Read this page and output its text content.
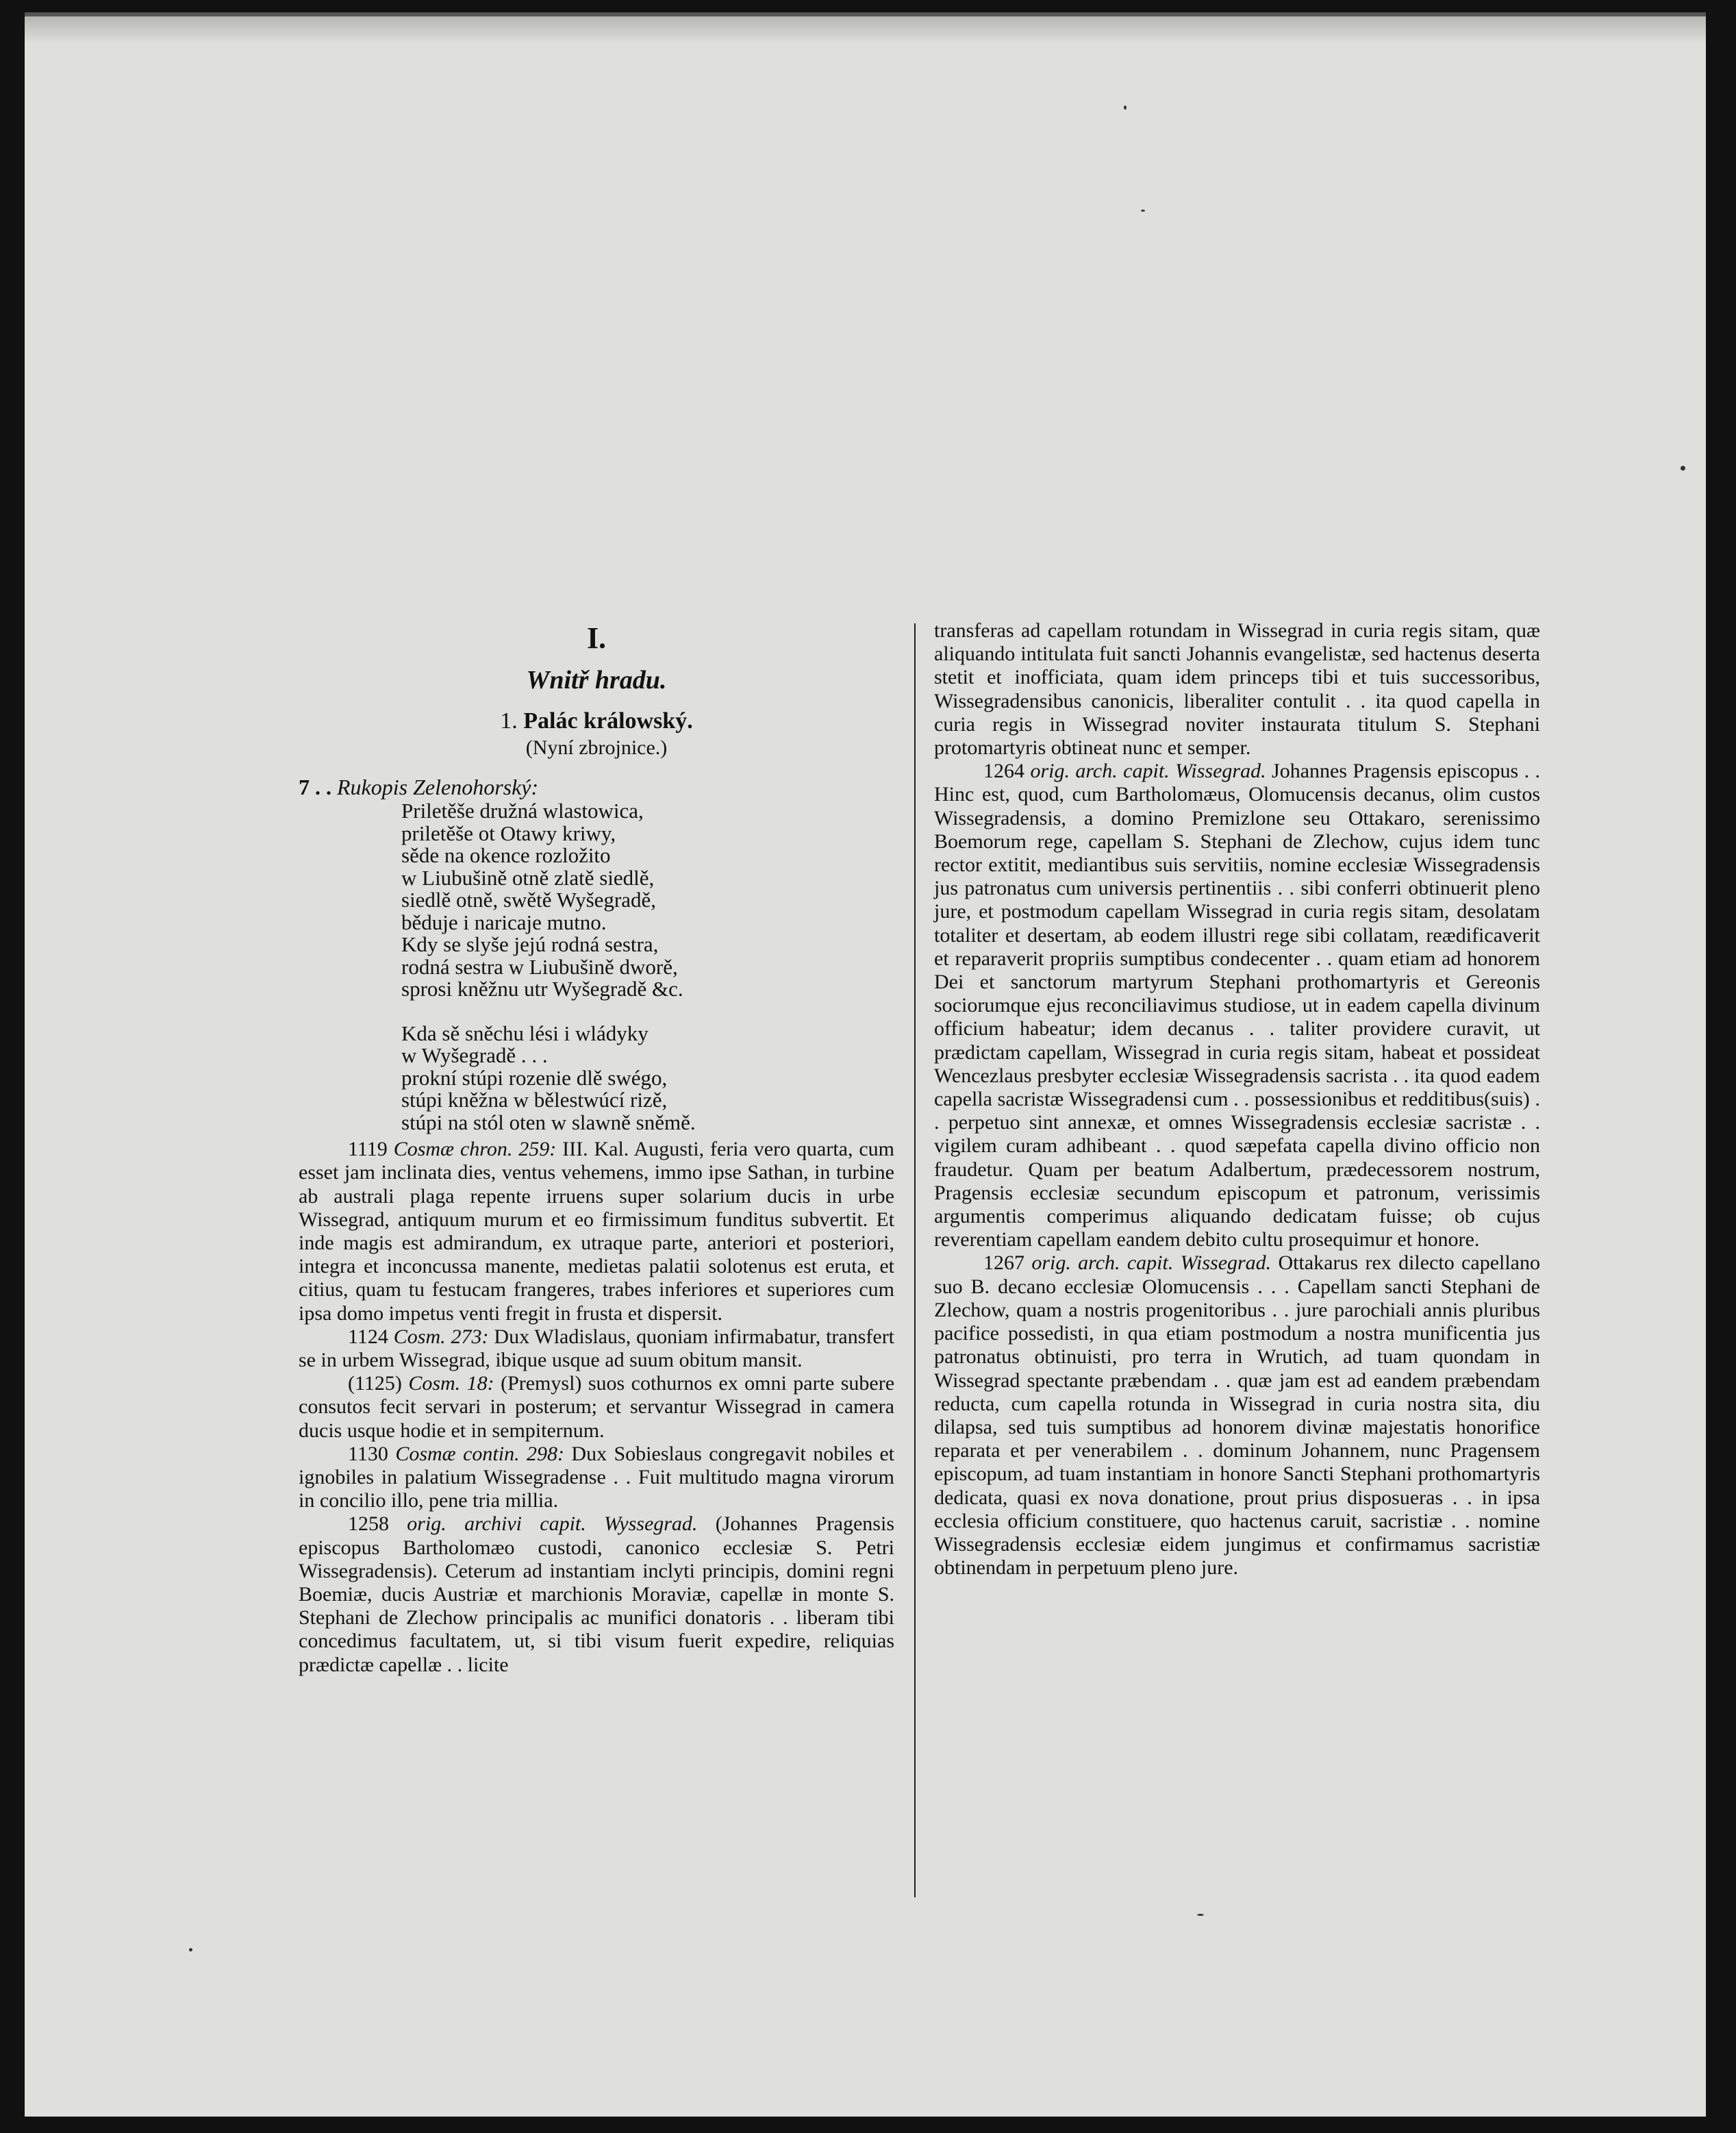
I.
Wnitř hradu.
1. Palác králowský.
(Nyní zbrojnice.)
7 . . Rukopis Zelenohorský:
Priletěše družná wlastowica,
priletěše ot Otawy kriwy,
sěde na okence rozložito
w Liubušině otně zlatě siedlě,
siedlě otně, swětě Wyšegradě,
běduje i naricaje mutno.
Kdy se slyše jejú rodná sestra,
rodná sestra w Liubušině dworě,
sprosi kněžnu utr Wyšegradě &c.
Kda sě sněchu lési i wládyky
w Wyšegradě . . .
prokní stúpi rozenie dlě swégo,
stúpi kněžna w bělestwúcí rizě,
stúpi na stól oten w slawně sněmě.

1119 Cosmæ chron. 259: III. Kal. Augusti, feria vero quarta, cum esset jam inclinata dies, ventus vehemens, immo ipse Sathan, in turbine ab australi plaga repente irruens super solarium ducis in urbe Wissegrad, antiquum murum et eo firmissimum funditus subvertit. Et inde magis est admirandum, ex utraque parte, anteriori et posteriori, integra et inconcussa manente, medietas palatii solotenus est eruta, et citius, quam tu festucam frangeres, trabes inferiores et superiores cum ipsa domo impetus venti fregit in frusta et dispersit.

1124 Cosm. 273: Dux Wladislaus, quoniam infirmabatur, transfert se in urbem Wissegrad, ibique usque ad suum obitum mansit.

(1125) Cosm. 18: (Premysl) suos cothurnos ex omni parte subere consutos fecit servari in posterum; et servantur Wissegrad in camera ducis usque hodie et in sempiternum.

1130 Cosmæ contin. 298: Dux Sobieslaus congregavit nobiles et ignobiles in palatium Wissegradense . . Fuit multitudo magna virorum in concilio illo, pene tria millia.

1258 orig. archivi capit. Wyssegrad. (Johannes Pragensis episcopus Bartholomæo custodi, canonico ecclesiæ S. Petri Wissegradensis). Ceterum ad instantiam inclyti principis, domini regni Boemiæ, ducis Austriæ et marchionis Moraviæ, capellæ in monte S. Stephani de Zlechow principalis ac munifici donatoris . . liberam tibi concedimus facultatem, ut, si tibi visum fuerit expedire, reliquias prædictæ capellæ . . licite

transferas ad capellam rotundam in Wissegrad in curia regis sitam, quæ aliquando intitulata fuit sancti Johannis evangelistæ, sed hactenus deserta stetit et inofficiata, quam idem princeps tibi et tuis successoribus, Wissegradensibus canonicis, liberaliter contulit . . ita quod capella in curia regis in Wissegrad noviter instaurata titulum S. Stephani protomartyris obtineat nunc et semper.

1264 orig. arch. capit. Wissegrad. Johannes Pragensis episcopus . . Hinc est, quod, cum Bartholomæus, Olomucensis decanus, olim custos Wissegradensis, a domino Premizlone seu Ottakaro, serenissimo Boemorum rege, capellam S. Stephani de Zlechow, cujus idem tunc rector extitit, mediantibus suis servitiis, nomine ecclesiæ Wissegradensis jus patronatus cum universis pertinentiis . . sibi conferri obtinuerit pleno jure, et postmodum capellam Wissegrad in curia regis sitam, desolatam totaliter et desertam, ab eodem illustri rege sibi collatam, reædificaverit et reparaverit propriis sumptibus condecenter . . quam etiam ad honorem Dei et sanctorum martyrum Stephani prothomartyris et Gereonis sociorumque ejus reconciliavimus studiose, ut in eadem capella divinum officium habeatur; idem decanus . . taliter providere curavit, ut prædictam capellam, Wissegrad in curia regis sitam, habeat et possideat Wencezlaus presbyter ecclesiæ Wissegradensis sacrista . . ita quod eadem capella sacristæ Wissegradensi cum . . possessionibus et redditibus(suis) . . perpetuo sint annexæ, et omnes Wissegradensis ecclesiæ sacristæ . . vigilem curam adhibeant . . quod sæpefata capella divino officio non fraudetur. Quam per beatum Adalbertum, prædecessorem nostrum, Pragensis ecclesiæ secundum episcopum et patronum, verissimis argumentis comperimus aliquando dedicatam fuisse; ob cujus reverentiam capellam eandem debito cultu prosequimur et honore.

1267 orig. arch. capit. Wissegrad. Ottakarus rex dilecto capellano suo B. decano ecclesiæ Olomucensis . . . Capellam sancti Stephani de Zlechow, quam a nostris progenitoribus . . jure parochiali annis pluribus pacifice possedisti, in qua etiam postmodum a nostra munificentia jus patronatus obtinuisti, pro terra in Wrutich, ad tuam quondam in Wissegrad spectante præbendam . . quæ jam est ad eandem præbendam reducta, cum capella rotunda in Wissegrad in curia nostra sita, diu dilapsa, sed tuis sumptibus ad honorem divinæ majestatis honorifice reparata et per venerabilem . . dominum Johannem, nunc Pragensem episcopum, ad tuam instantiam in honore Sancti Stephani prothomartyris dedicata, quasi ex nova donatione, prout prius disposueras . . in ipsa ecclesia officium constituere, quo hactenus caruit, sacristiæ . . nomine Wissegradensis ecclesiæ eidem jungimus et confirmamus sacristiæ obtinendam in perpetuum pleno jure.
